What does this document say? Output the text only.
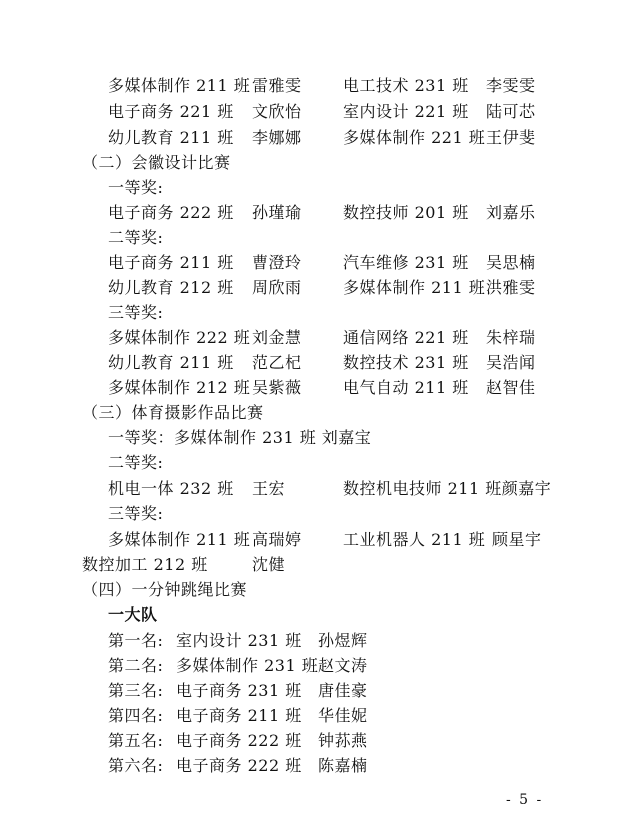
多媒体制作 211 班 雷雅雯	电工技术 231 班 李雯雯
电子商务 221 班 文欣怡	室内设计 221 班 陆可芯
幼儿教育 211 班 李娜娜	多媒体制作 221 班 王伊斐
（二）会徽设计比赛
一等奖:
电子商务 222 班 孙瑾瑜	数控技师 201 班 刘嘉乐
二等奖:
电子商务 211 班 曹澄玲	汽车维修 231 班 吴思楠
幼儿教育 212 班 周欣雨	多媒体制作 211 班 洪雅雯
三等奖:
多媒体制作 222 班 刘金慧	通信网络 221 班 朱梓瑞
幼儿教育 211 班 范乙杞	数控技术 231 班 吴浩闻
多媒体制作 212 班 吴紫薇	电气自动 211 班 赵智佳
（三）体育摄影作品比赛
一等奖：多媒体制作 231 班 刘嘉宝
二等奖:
机电一体 232 班 王宏	数控机电技师 211 班颜嘉宇
三等奖:
多媒体制作 211 班 高瑞婷	工业机器人 211 班 顾星宇
数控加工 212 班	沈健
（四）一分钟跳绳比赛
一大队
第一名: 室内设计 231 班 孙煜辉
第二名: 多媒体制作 231 班 赵文涛
第三名: 电子商务 231 班 唐佳豪
第四名: 电子商务 211 班 华佳妮
第五名: 电子商务 222 班 钟荪燕
第六名: 电子商务 222 班 陈嘉楠
- 5 -
